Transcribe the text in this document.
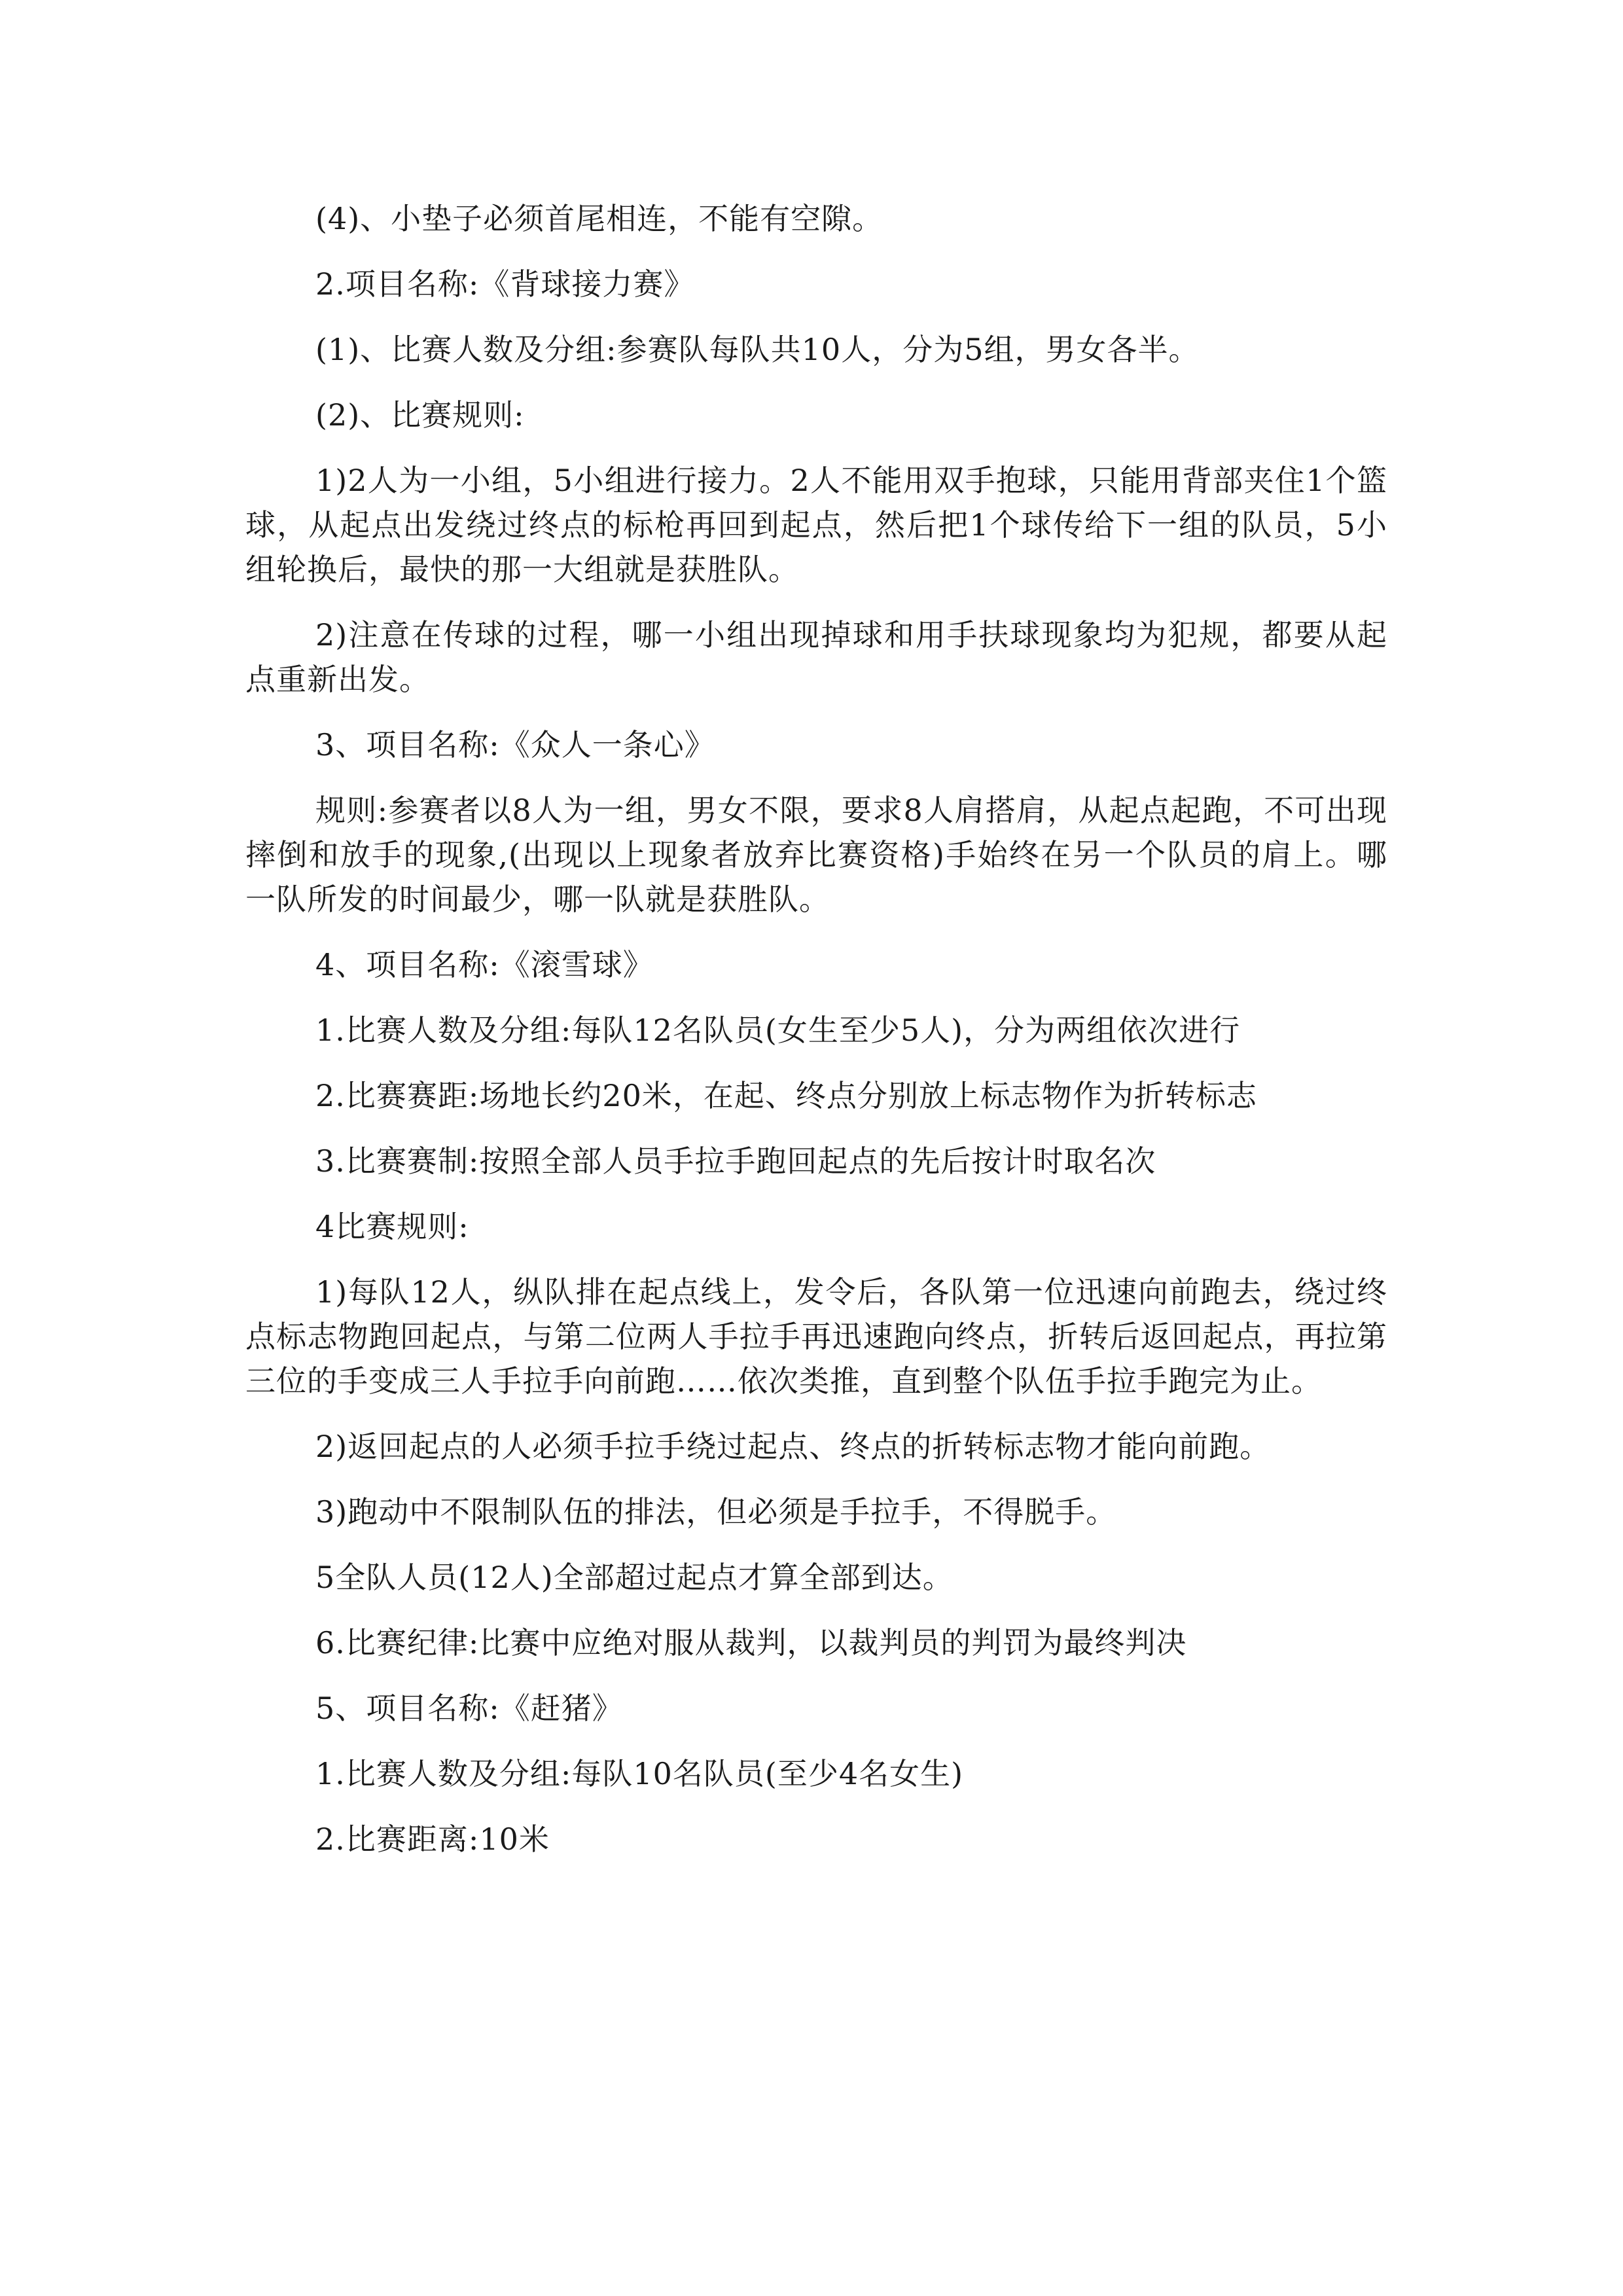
(4)、小垫子必须首尾相连，不能有空隙。

2.项目名称:《背球接力赛》

(1)、比赛人数及分组:参赛队每队共10人，分为5组，男女各半。

(2)、比赛规则:

1)2人为一小组，5小组进行接力。2人不能用双手抱球，只能用背部夹住1个篮球，从起点出发绕过终点的标枪再回到起点，然后把1个球传给下一组的队员，5小组轮换后，最快的那一大组就是获胜队。

2)注意在传球的过程，哪一小组出现掉球和用手扶球现象均为犯规，都要从起点重新出发。

3、项目名称:《众人一条心》

规则:参赛者以8人为一组，男女不限，要求8人肩搭肩，从起点起跑，不可出现摔倒和放手的现象,(出现以上现象者放弃比赛资格)手始终在另一个队员的肩上。哪一队所发的时间最少，哪一队就是获胜队。

4、项目名称:《滚雪球》

1.比赛人数及分组:每队12名队员(女生至少5人)，分为两组依次进行

2.比赛赛距:场地长约20米，在起、终点分别放上标志物作为折转标志

3.比赛赛制:按照全部人员手拉手跑回起点的先后按计时取名次

4比赛规则:

1)每队12人，纵队排在起点线上，发令后，各队第一位迅速向前跑去，绕过终点标志物跑回起点，与第二位两人手拉手再迅速跑向终点，折转后返回起点，再拉第三位的手变成三人手拉手向前跑……依次类推，直到整个队伍手拉手跑完为止。

2)返回起点的人必须手拉手绕过起点、终点的折转标志物才能向前跑。

3)跑动中不限制队伍的排法，但必须是手拉手，不得脱手。

5全队人员(12人)全部超过起点才算全部到达。

6.比赛纪律:比赛中应绝对服从裁判，以裁判员的判罚为最终判决

5、项目名称:《赶猪》

1.比赛人数及分组:每队10名队员(至少4名女生)

2.比赛距离:10米
